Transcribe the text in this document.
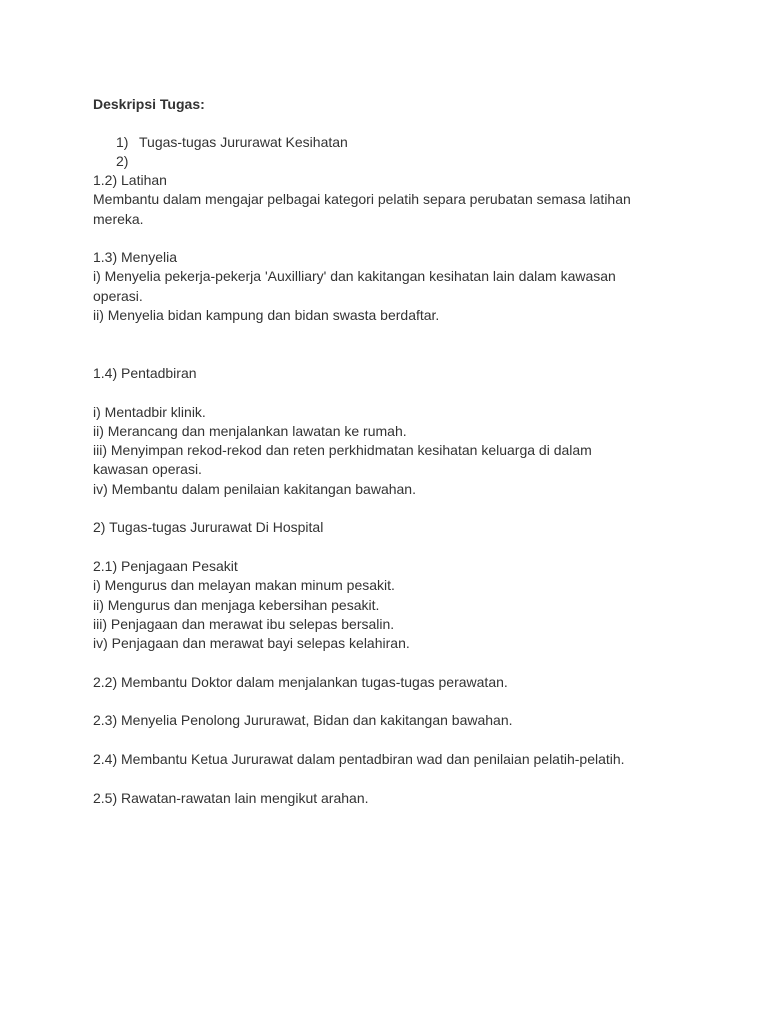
Deskripsi Tugas:
1) Tugas-tugas Jururawat Kesihatan
2)
1.2) Latihan
Membantu dalam mengajar pelbagai kategori pelatih separa perubatan semasa latihan
mereka.
1.3) Menyelia
i) Menyelia pekerja-pekerja 'Auxilliary' dan kakitangan kesihatan lain dalam kawasan
operasi.
ii) Menyelia bidan kampung dan bidan swasta berdaftar.
1.4) Pentadbiran
i) Mentadbir klinik.
ii) Merancang dan menjalankan lawatan ke rumah.
iii) Menyimpan rekod-rekod dan reten perkhidmatan kesihatan keluarga di dalam
kawasan operasi.
iv) Membantu dalam penilaian kakitangan bawahan.
2) Tugas-tugas Jururawat Di Hospital
2.1) Penjagaan Pesakit
i) Mengurus dan melayan makan minum pesakit.
ii) Mengurus dan menjaga kebersihan pesakit.
iii) Penjagaan dan merawat ibu selepas bersalin.
iv) Penjagaan dan merawat bayi selepas kelahiran.
2.2) Membantu Doktor dalam menjalankan tugas-tugas perawatan.
2.3) Menyelia Penolong Jururawat, Bidan dan kakitangan bawahan.
2.4) Membantu Ketua Jururawat dalam pentadbiran wad dan penilaian pelatih-pelatih.
2.5) Rawatan-rawatan lain mengikut arahan.
